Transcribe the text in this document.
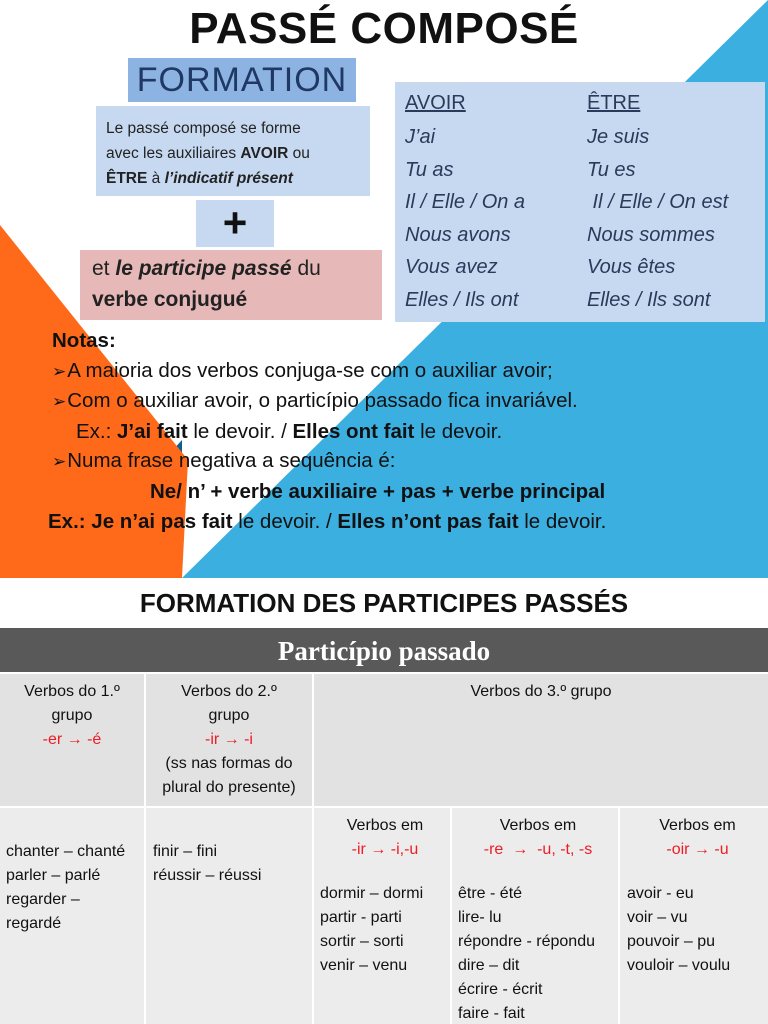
PASSÉ COMPOSÉ
FORMATION
Le passé composé se forme
avec les auxiliaires AVOIR ou
ÊTRE à l’indicatif présent
+
et le participe passé du
verbe conjugué
AVOIR
J’ai
Tu as
Il / Elle / On a
Nous avons
Vous avez
Elles / Ils ont
ÊTRE
Je suis
Tu es
Il / Elle / On est
Nous sommes
Vous êtes
Elles / Ils sont
Notas:
➢A maioria dos verbos conjuga-se com o auxiliar avoir;
➢Com o auxiliar avoir, o particípio passado fica invariável.
Ex.: J’ai fait le devoir. / Elles ont fait le devoir.
➢Numa frase negativa a sequência é:
Ne/ n’ + verbe auxiliaire + pas + verbe principal
Ex.: Je n’ai pas fait le devoir. / Elles n’ont pas fait le devoir.
FORMATION DES PARTICIPES PASSÉS
Particípio passado
Verbos do 1.º
grupo
-er → -é
Verbos do 2.º
grupo
-ir → -i
(ss nas formas do
plural do presente)
Verbos do 3.º grupo
chanter – chanté
parler – parlé
regarder –
regardé
finir – fini
réussir – réussi
Verbos em
-ir → -i,-u
dormir – dormi
partir - parti
sortir – sorti
venir – venu
Verbos em
-re  →  -u, -t, -s
être - été
lire- lu
répondre - répondu
dire – dit
écrire - écrit
faire - fait
Verbos em
-oir → -u
avoir - eu
voir – vu
pouvoir – pu
vouloir – voulu
